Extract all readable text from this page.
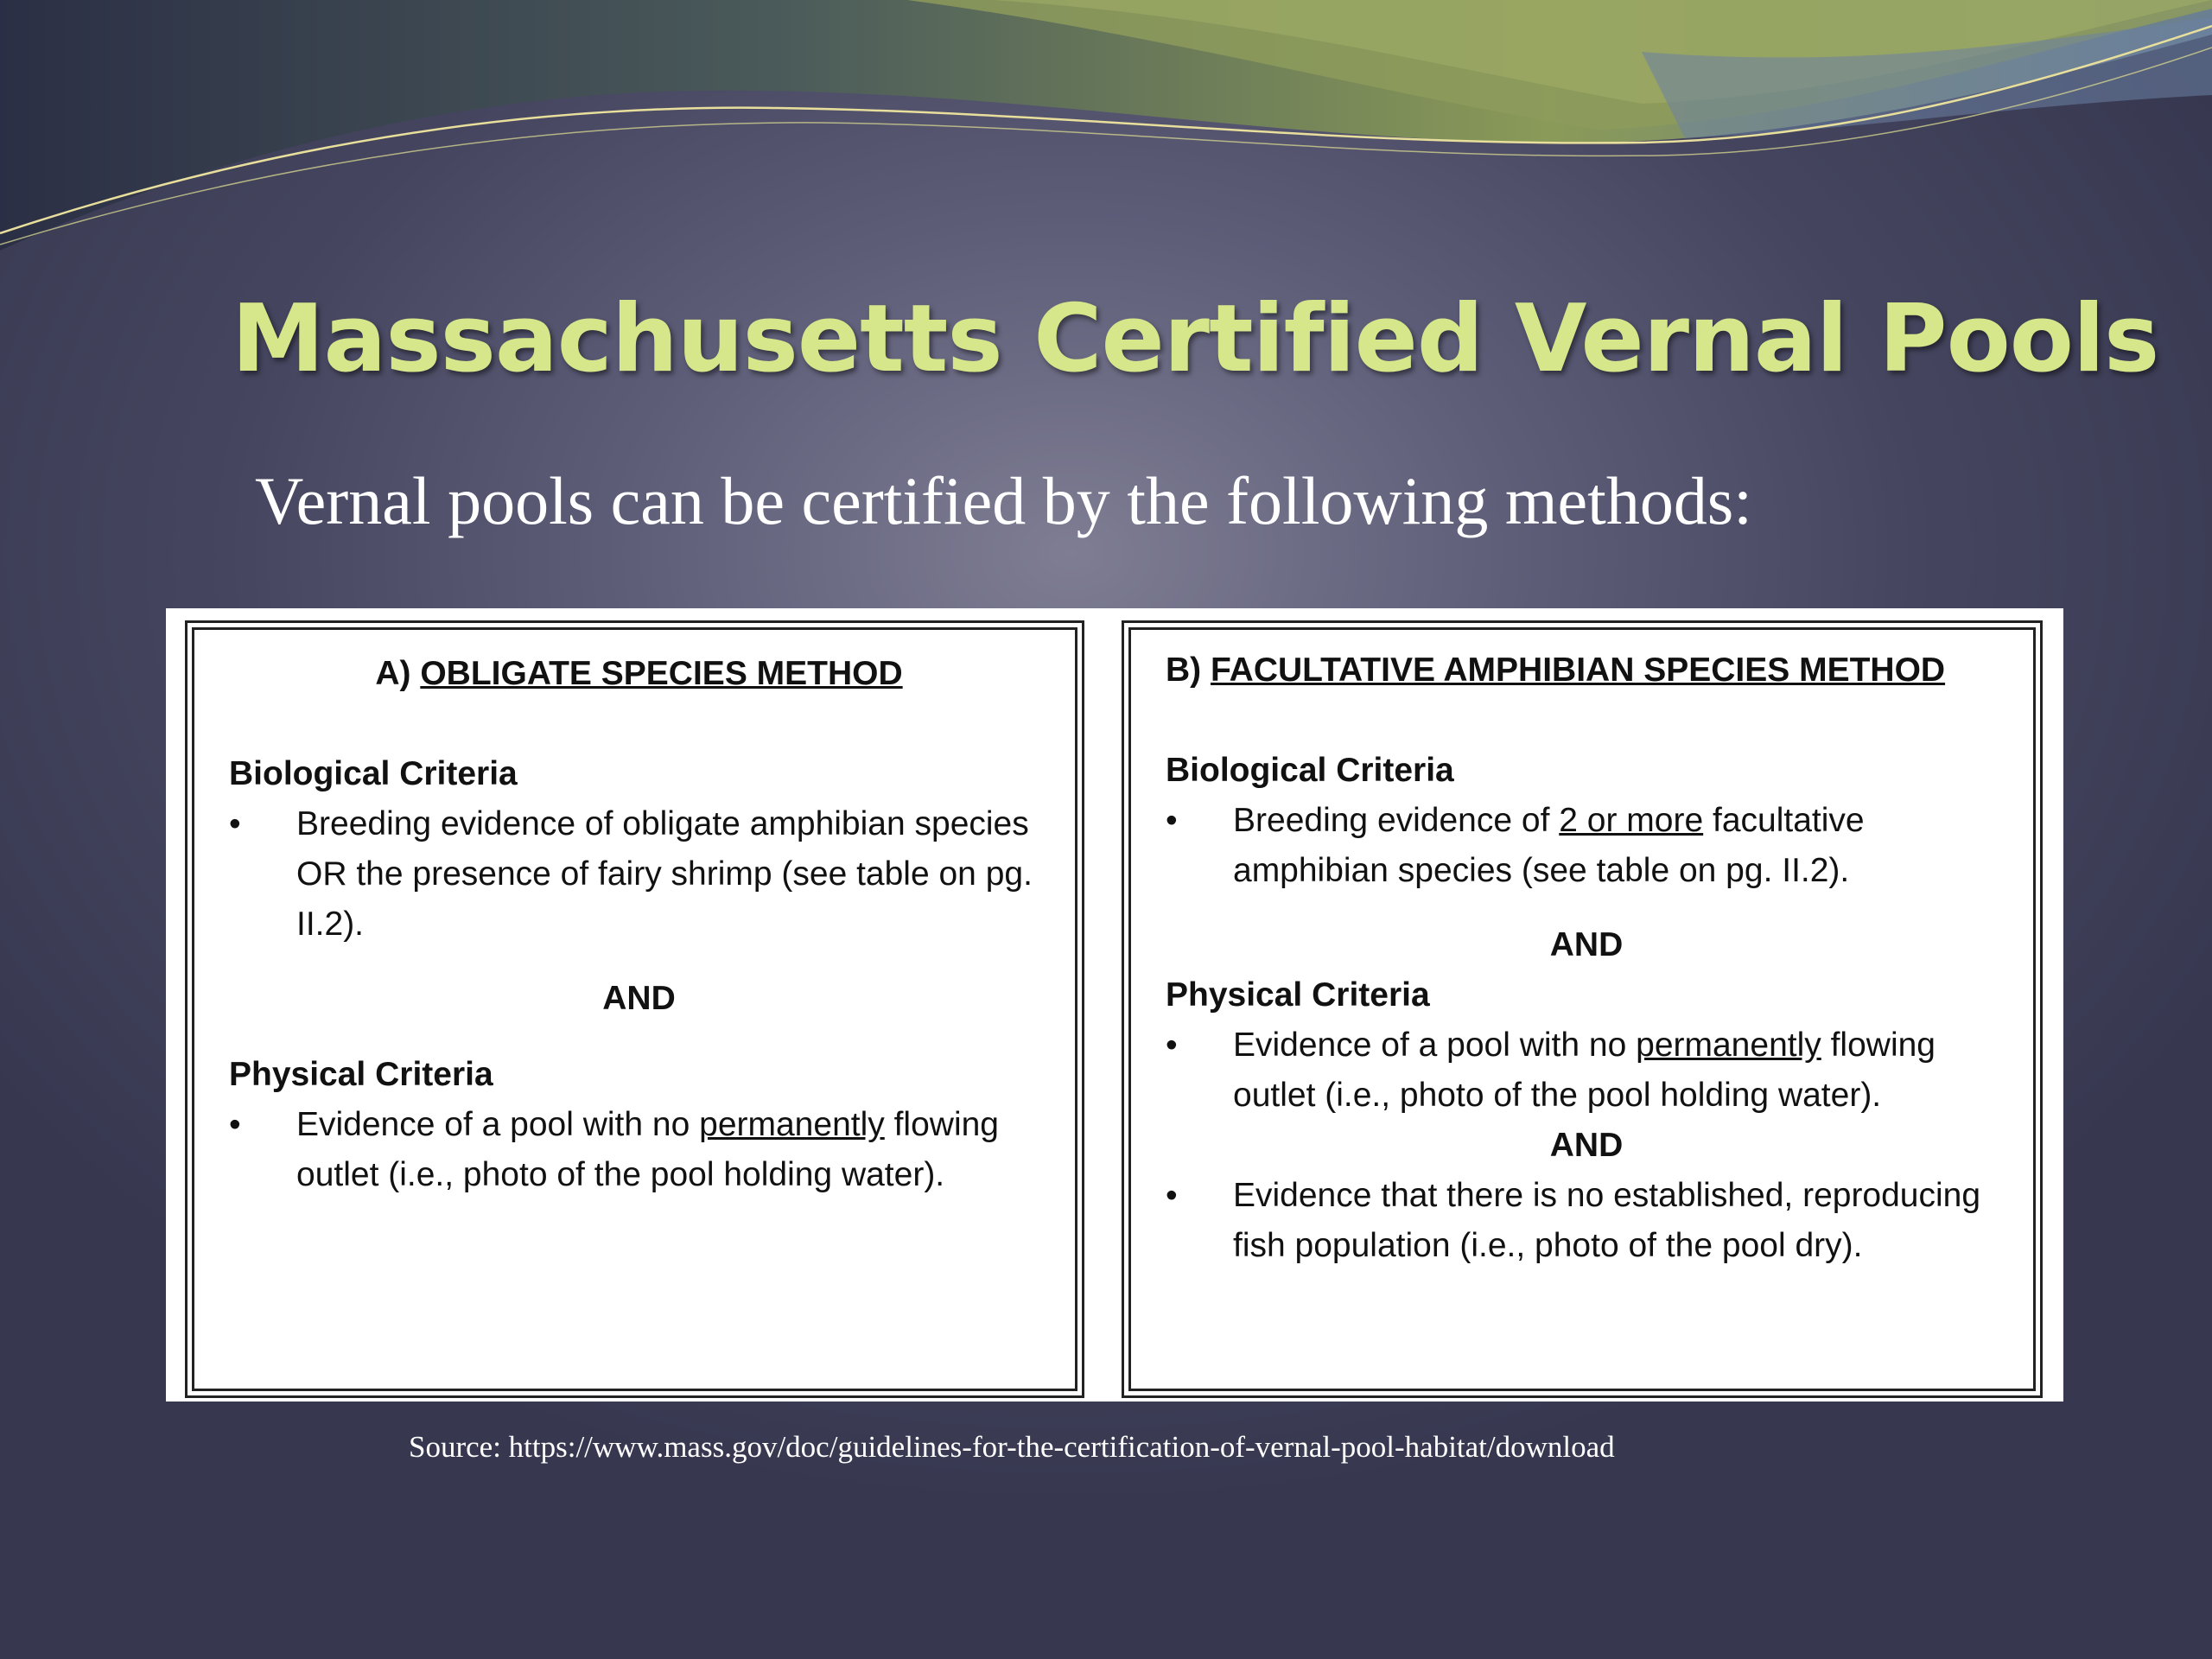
Massachusetts Certified Vernal Pools

Vernal pools can be certified by the following methods:

A) OBLIGATE SPECIES METHOD

Biological Criteria

• Breeding evidence of obligate amphibian species OR the presence of fairy shrimp (see table on pg. II.2).

AND

Physical Criteria

• Evidence of a pool with no permanently flowing outlet (i.e., photo of the pool holding water).

B) FACULTATIVE AMPHIBIAN SPECIES METHOD

Biological Criteria

• Breeding evidence of 2 or more facultative amphibian species (see table on pg. II.2).

AND

Physical Criteria

• Evidence of a pool with no permanently flowing outlet (i.e., photo of the pool holding water).

AND

• Evidence that there is no established, reproducing fish population (i.e., photo of the pool dry).

Source: https://www.mass.gov/doc/guidelines-for-the-certification-of-vernal-pool-habitat/download
